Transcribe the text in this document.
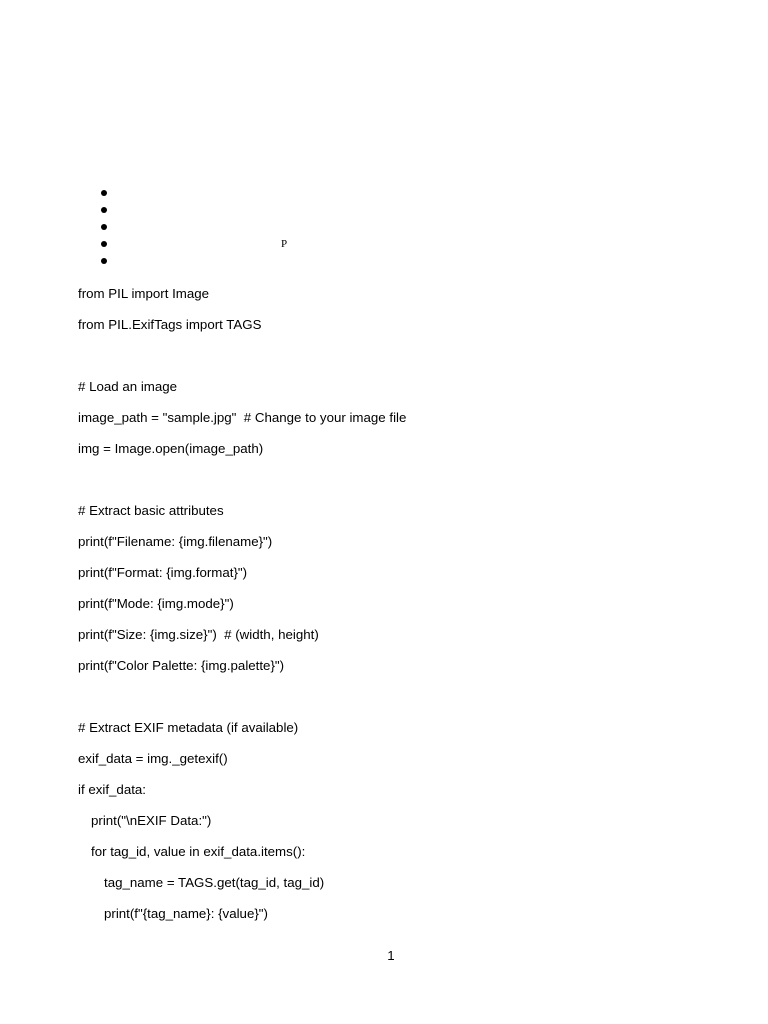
P
from PIL import Image
from PIL.ExifTags import TAGS
# Load an image
image_path = "sample.jpg"  # Change to your image file
img = Image.open(image_path)
# Extract basic attributes
print(f"Filename: {img.filename}")
print(f"Format: {img.format}")
print(f"Mode: {img.mode}")
print(f"Size: {img.size}")  # (width, height)
print(f"Color Palette: {img.palette}")
# Extract EXIF metadata (if available)
exif_data = img._getexif()
if exif_data:
print("\nEXIF Data:")
for tag_id, value in exif_data.items():
tag_name = TAGS.get(tag_id, tag_id)
print(f"{tag_name}: {value}")
1
